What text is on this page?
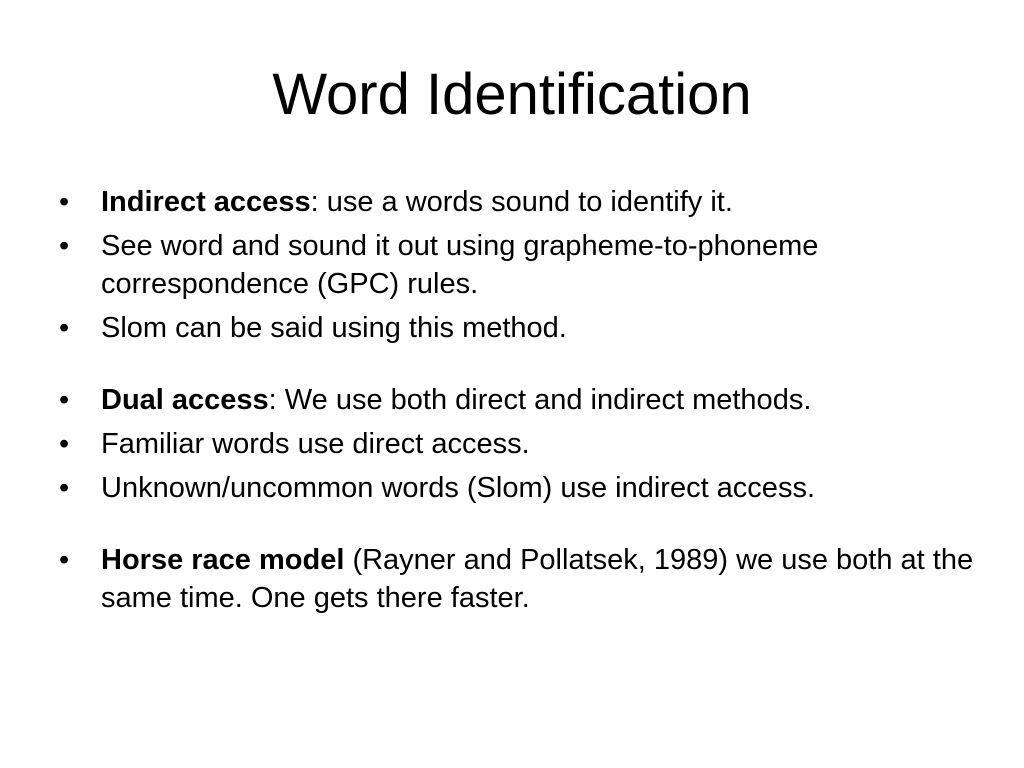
Word Identification
•	Indirect access: use a words sound to identify it.
•	See word and sound it out using grapheme-to-phoneme correspondence (GPC) rules.
•	Slom can be said using this method.
•	Dual access: We use both direct and indirect methods.
•	Familiar words use direct access.
•	Unknown/uncommon words (Slom) use indirect access.
•	Horse race model (Rayner and Pollatsek, 1989) we use both at the same time. One gets there faster.
